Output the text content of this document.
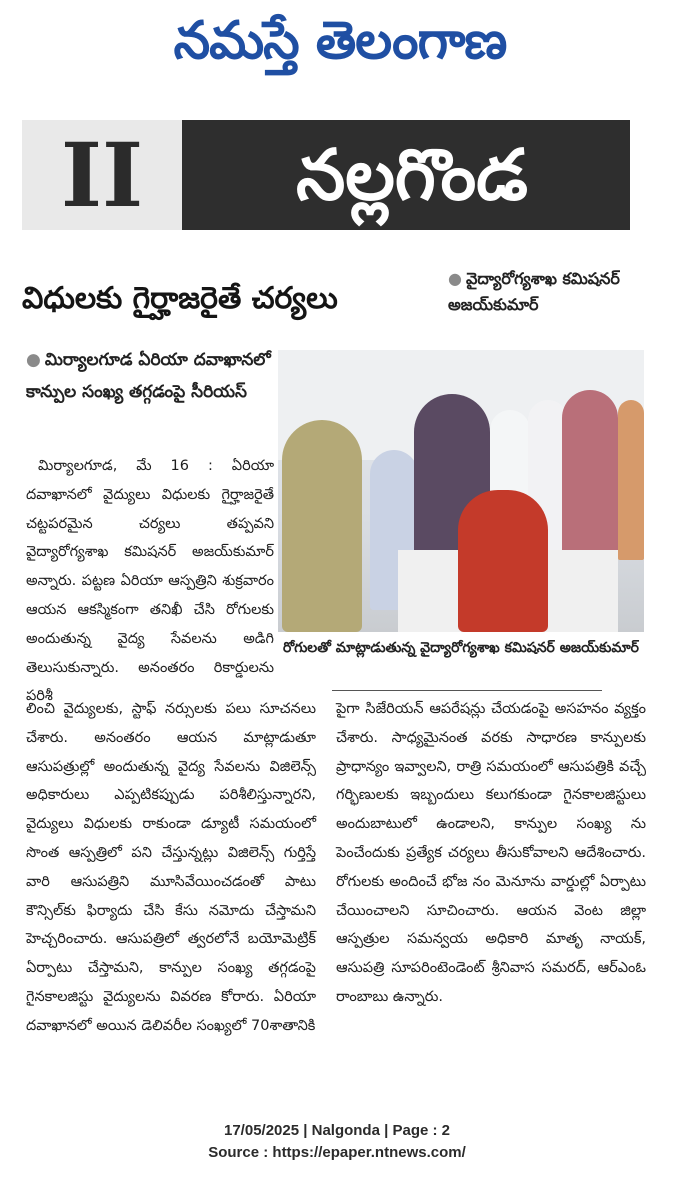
నమస్తే తెలంగాణ
II	నల్లగొండ
విధులకు గైర్హాజరైతే చర్యలు
● వైద్యారోగ్యశాఖ కమిషనర్ అజయ్‌కుమార్
● మిర్యాలగూడ ఏరియా దవాఖానలో కాన్పుల సంఖ్య తగ్గడంపై సీరియస్
రోగులతో మాట్లాడుతున్న వైద్యారోగ్యశాఖ కమిషనర్ అజయ్‌కుమార్

మిర్యాలగూడ, మే 16 : ఏరియా దవాఖానలో వైద్యులు విధులకు గైర్హాజరైతే చట్టపరమైన చర్యలు తప్పవని వైద్యారోగ్యశాఖ కమిషనర్ అజయ్‌కుమార్ అన్నారు. పట్టణ ఏరియా ఆస్పత్రిని శుక్రవారం ఆయన ఆకస్మికంగా తనిఖీ చేసి రోగులకు అందుతున్న వైద్య సేవలను అడిగి తెలుసుకున్నారు. అనంతరం రికార్డులను పరిశీ

లించి వైద్యులకు, స్టాఫ్ నర్సులకు పలు సూచనలు చేశారు. అనంతరం ఆయన మాట్లాడుతూ ఆసుపత్రుల్లో అందుతున్న వైద్య సేవలను విజిలెన్స్ అధికారులు ఎప్పటికప్పుడు పరిశీలిస్తున్నారని, వైద్యులు విధులకు రాకుండా డ్యూటీ సమయంలో సొంత ఆస్పత్రిలో పని చేస్తున్నట్లు విజిలెన్స్ గుర్తిస్తే వారి ఆసుపత్రిని మూసివేయించడంతో పాటు కౌన్సిల్‌కు ఫిర్యాదు చేసి కేసు నమోదు చేస్తామని హెచ్చరించారు. ఆసుపత్రిలో త్వరలోనే బయోమెట్రిక్ ఏర్పాటు చేస్తామని, కాన్పుల సంఖ్య తగ్గడంపై గైనకాలజిస్టు వైద్యులను వివరణ కోరారు. ఏరియా దవాఖానలో అయిన డెలివరీల సంఖ్యలో 70శాతానికి

పైగా సిజేరియన్ ఆపరేషన్లు చేయడంపై అసహనం వ్యక్తం చేశారు. సాధ్యమైనంత వరకు సాధారణ కాన్పులకు ప్రాధాన్యం ఇవ్వాలని, రాత్రి సమయంలో ఆసుపత్రికి వచ్చే గర్భిణులకు ఇబ్బందులు కలుగకుండా గైనకాలజిస్టులు అందుబాటులో ఉండాలని, కాన్పుల సంఖ్య ను పెంచేందుకు ప్రత్యేక చర్యలు తీసుకోవాలని ఆదేశించారు. రోగులకు అందించే భోజ నం మెనూను వార్డుల్లో ఏర్పాటు చేయించాలని సూచించారు. ఆయన వెంట జిల్లా ఆస్పత్రుల సమన్వయ అధికారి మాతృ నాయక్, ఆసుపత్రి సూపరింటెండెంట్ శ్రీనివాస సమరద్, ఆర్ఎంఓ రాంబాబు ఉన్నారు.

17/05/2025 | Nalgonda | Page : 2
Source : https://epaper.ntnews.com/
